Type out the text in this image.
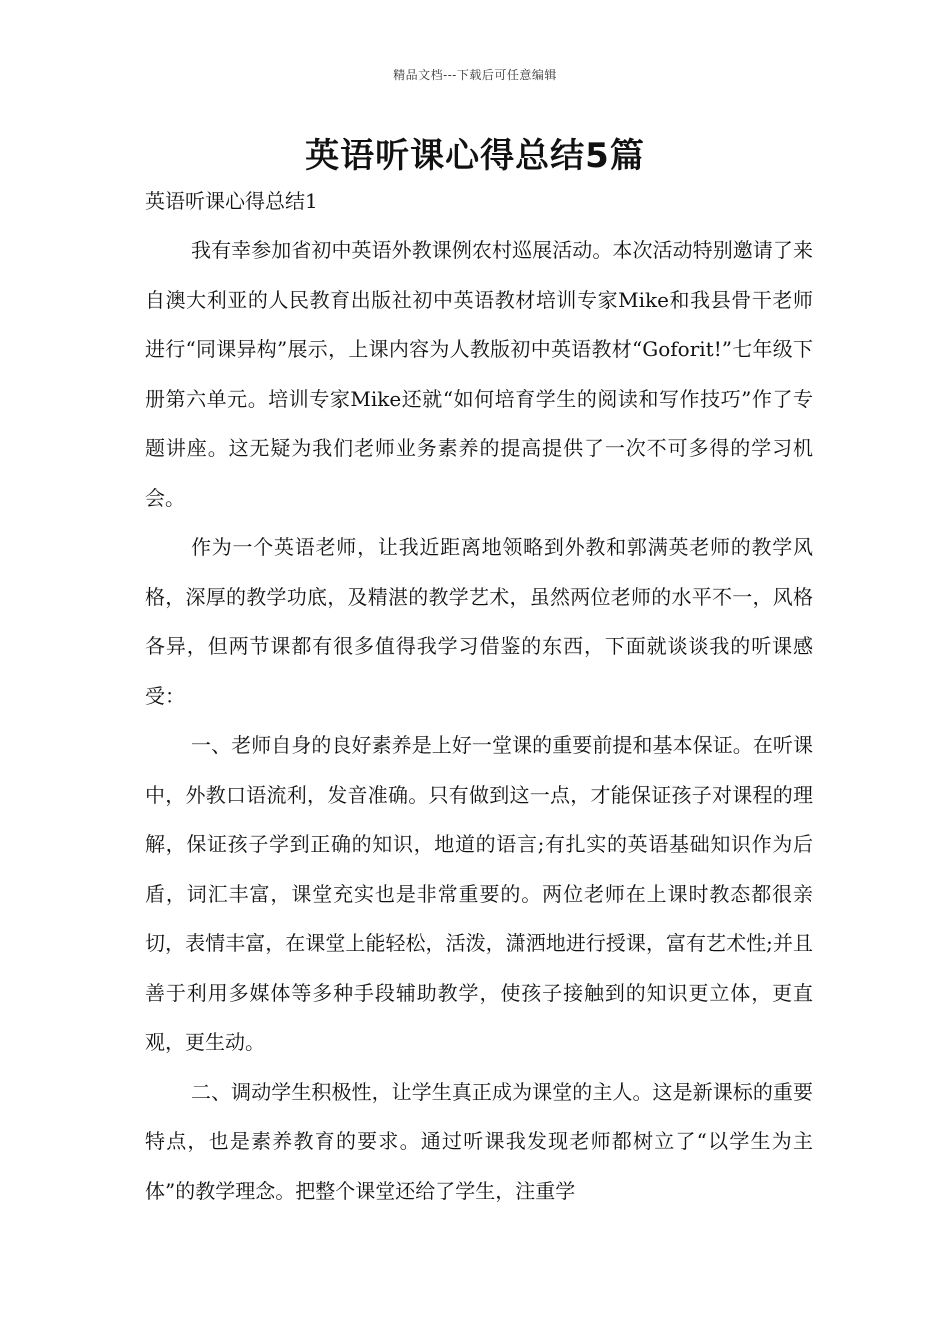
精品文档---下载后可任意编辑
英语听课心得总结5篇
英语听课心得总结1

我有幸参加省初中英语外教课例农村巡展活动。本次活动特别邀请了来自澳大利亚的人民教育出版社初中英语教材培训专家Mike和我县骨干老师进行“同课异构”展示，上课内容为人教版初中英语教材“Goforit!”七年级下册第六单元。培训专家Mike还就“如何培育学生的阅读和写作技巧”作了专题讲座。这无疑为我们老师业务素养的提高提供了一次不可多得的学习机会。

作为一个英语老师，让我近距离地领略到外教和郭满英老师的教学风格，深厚的教学功底，及精湛的教学艺术，虽然两位老师的水平不一，风格各异，但两节课都有很多值得我学习借鉴的东西，下面就谈谈我的听课感受：

一、老师自身的良好素养是上好一堂课的重要前提和基本保证。在听课中，外教口语流利，发音准确。只有做到这一点，才能保证孩子对课程的理解，保证孩子学到正确的知识，地道的语言;有扎实的英语基础知识作为后盾，词汇丰富，课堂充实也是非常重要的。两位老师在上课时教态都很亲切，表情丰富，在课堂上能轻松，活泼，潇洒地进行授课，富有艺术性;并且善于利用多媒体等多种手段辅助教学，使孩子接触到的知识更立体，更直观，更生动。

二、调动学生积极性，让学生真正成为课堂的主人。这是新课标的重要特点，也是素养教育的要求。通过听课我发现老师都树立了“以学生为主体”的教学理念。把整个课堂还给了学生，注重学
